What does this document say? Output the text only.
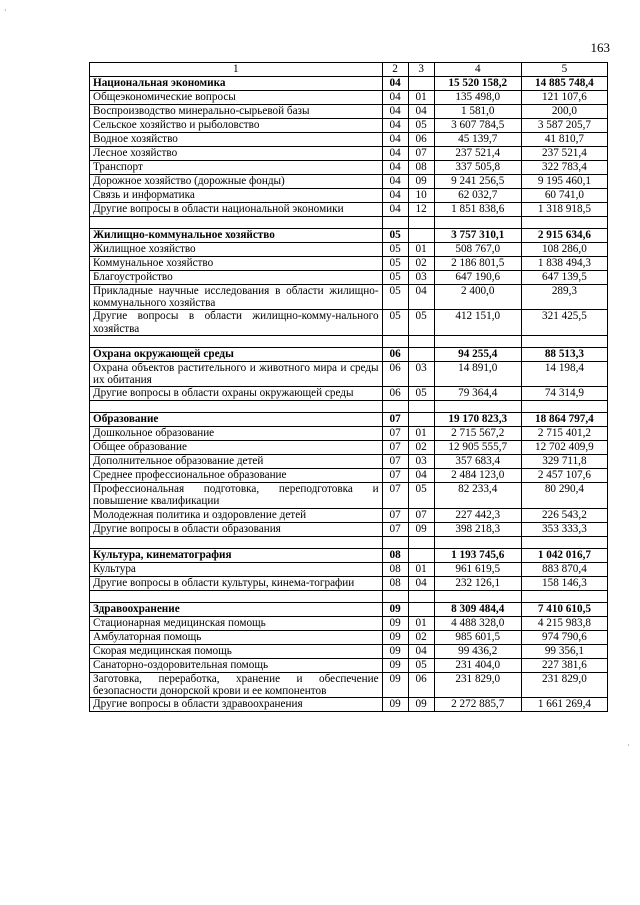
163
1	2	3	4	5
Национальная экономика	04		15 520 158,2	14 885 748,4
Общеэкономические вопросы	04	01	135 498,0	121 107,6
Воспроизводство минерально-сырьевой базы	04	04	1 581,0	200,0
Сельское хозяйство и рыболовство	04	05	3 607 784,5	3 587 205,7
Водное хозяйство	04	06	45 139,7	41 810,7
Лесное хозяйство	04	07	237 521,4	237 521,4
Транспорт	04	08	337 505,8	322 783,4
Дорожное хозяйство (дорожные фонды)	04	09	9 241 256,5	9 195 460,1
Связь и информатика	04	10	62 032,7	60 741,0
Другие вопросы в области национальной экономики	04	12	1 851 838,6	1 318 918,5

Жилищно-коммунальное хозяйство	05		3 757 310,1	2 915 634,6
Жилищное хозяйство	05	01	508 767,0	108 286,0
Коммунальное хозяйство	05	02	2 186 801,5	1 838 494,3
Благоустройство	05	03	647 190,6	647 139,5
Прикладные научные исследования в области жилищно-коммунального хозяйства	05	04	2 400,0	289,3
Другие вопросы в области жилищно-комму-нального хозяйства	05	05	412 151,0	321 425,5

Охрана окружающей среды	06		94 255,4	88 513,3
Охрана объектов растительного и животного мира и среды их обитания	06	03	14 891,0	14 198,4
Другие вопросы в области охраны окружающей среды	06	05	79 364,4	74 314,9

Образование	07		19 170 823,3	18 864 797,4
Дошкольное образование	07	01	2 715 567,2	2 715 401,2
Общее образование	07	02	12 905 555,7	12 702 409,9
Дополнительное образование детей	07	03	357 683,4	329 711,8
Среднее профессиональное образование	07	04	2 484 123,0	2 457 107,6
Профессиональная подготовка, переподготовка и повышение квалификации	07	05	82 233,4	80 290,4
Молодежная политика и оздоровление детей	07	07	227 442,3	226 543,2
Другие вопросы в области образования	07	09	398 218,3	353 333,3

Культура, кинематография	08		1 193 745,6	1 042 016,7
Культура	08	01	961 619,5	883 870,4
Другие вопросы в области культуры, кинема-тографии	08	04	232 126,1	158 146,3

Здравоохранение	09		8 309 484,4	7 410 610,5
Стационарная медицинская помощь	09	01	4 488 328,0	4 215 983,8
Амбулаторная помощь	09	02	985 601,5	974 790,6
Скорая медицинская помощь	09	04	99 436,2	99 356,1
Санаторно-оздоровительная помощь	09	05	231 404,0	227 381,6
Заготовка, переработка, хранение и обеспечение безопасности донорской крови и ее компонентов	09	06	231 829,0	231 829,0
Другие вопросы в области здравоохранения	09	09	2 272 885,7	1 661 269,4
·
·
